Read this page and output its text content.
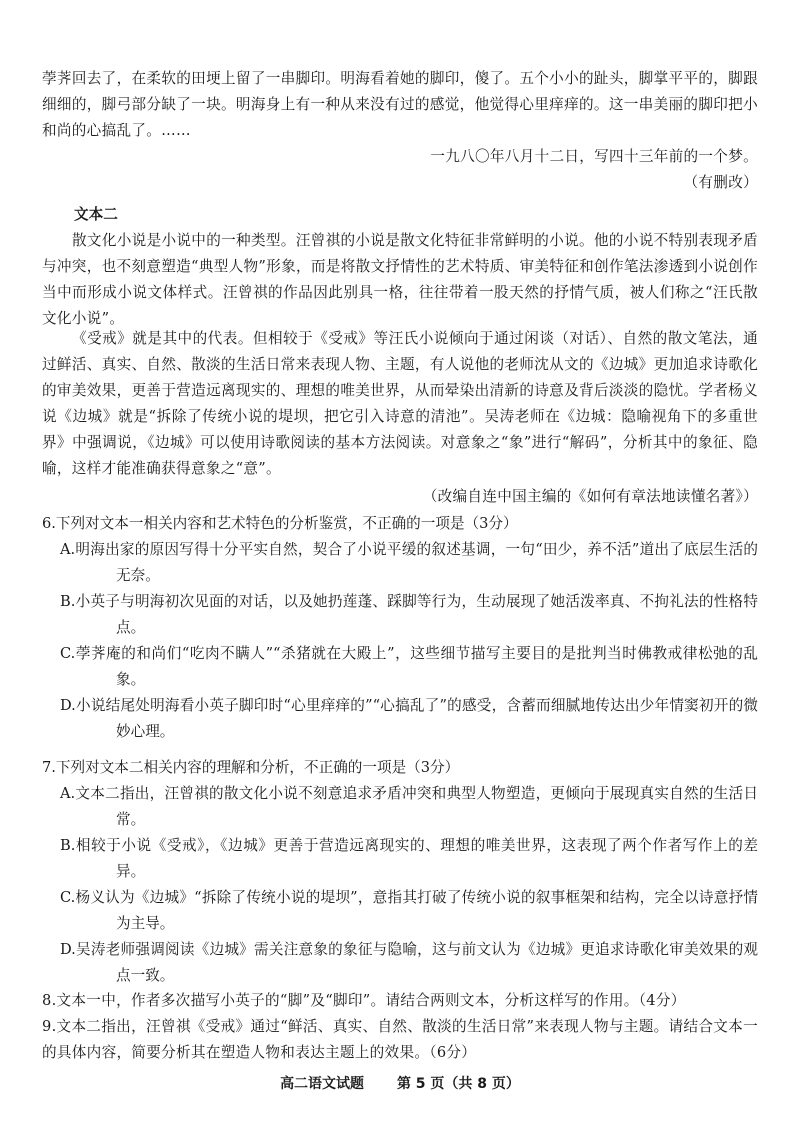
荸荠回去了，在柔软的田埂上留了一串脚印。明海看着她的脚印，傻了。五个小小的趾头，脚掌平平的，脚跟细细的，脚弓部分缺了一块。明海身上有一种从来没有过的感觉，他觉得心里痒痒的。这一串美丽的脚印把小和尚的心搞乱了。……

一九八〇年八月十二日，写四十三年前的一个梦。

（有删改）

文本二

散文化小说是小说中的一种类型。汪曾祺的小说是散文化特征非常鲜明的小说。他的小说不特别表现矛盾与冲突，也不刻意塑造“典型人物”形象，而是将散文抒情性的艺术特质、审美特征和创作笔法渗透到小说创作当中而形成小说文体样式。汪曾祺的作品因此别具一格，往往带着一股天然的抒情气质，被人们称之“汪氏散文化小说”。

《受戒》就是其中的代表。但相较于《受戒》等汪氏小说倾向于通过闲谈（对话）、自然的散文笔法，通过鲜活、真实、自然、散淡的生活日常来表现人物、主题，有人说他的老师沈从文的《边城》更加追求诗歌化的审美效果，更善于营造远离现实的、理想的唯美世界，从而晕染出清新的诗意及背后淡淡的隐忧。学者杨义说《边城》就是“拆除了传统小说的堤坝，把它引入诗意的清池”。吴涛老师在《边城：隐喻视角下的多重世界》中强调说，《边城》可以使用诗歌阅读的基本方法阅读。对意象之“象”进行“解码”，分析其中的象征、隐喻，这样才能准确获得意象之“意”。

（改编自连中国主编的《如何有章法地读懂名著》）

6.下列对文本一相关内容和艺术特色的分析鉴赏，不正确的一项是（3分）

A.明海出家的原因写得十分平实自然，契合了小说平缓的叙述基调，一句“田少，养不活”道出了底层生活的无奈。

B.小英子与明海初次见面的对话，以及她扔莲蓬、踩脚等行为，生动展现了她活泼率真、不拘礼法的性格特点。

C.荸荠庵的和尚们“吃肉不瞒人”“杀猪就在大殿上”，这些细节描写主要目的是批判当时佛教戒律松弛的乱象。

D.小说结尾处明海看小英子脚印时“心里痒痒的”“心搞乱了”的感受，含蓄而细腻地传达出少年情窦初开的微妙心理。

7.下列对文本二相关内容的理解和分析，不正确的一项是（3分）

A.文本二指出，汪曾祺的散文化小说不刻意追求矛盾冲突和典型人物塑造，更倾向于展现真实自然的生活日常。

B.相较于小说《受戒》，《边城》更善于营造远离现实的、理想的唯美世界，这表现了两个作者写作上的差异。

C.杨义认为《边城》“拆除了传统小说的堤坝”，意指其打破了传统小说的叙事框架和结构，完全以诗意抒情为主导。

D.吴涛老师强调阅读《边城》需关注意象的象征与隐喻，这与前文认为《边城》更追求诗歌化审美效果的观点一致。

8.文本一中，作者多次描写小英子的“脚”及“脚印”。请结合两则文本，分析这样写的作用。（4分）

9.文本二指出，汪曾祺《受戒》通过“鲜活、真实、自然、散淡的生活日常”来表现人物与主题。请结合文本一的具体内容，简要分析其在塑造人物和表达主题上的效果。（6分）

高二语文试题 第 5 页（共 8 页）
